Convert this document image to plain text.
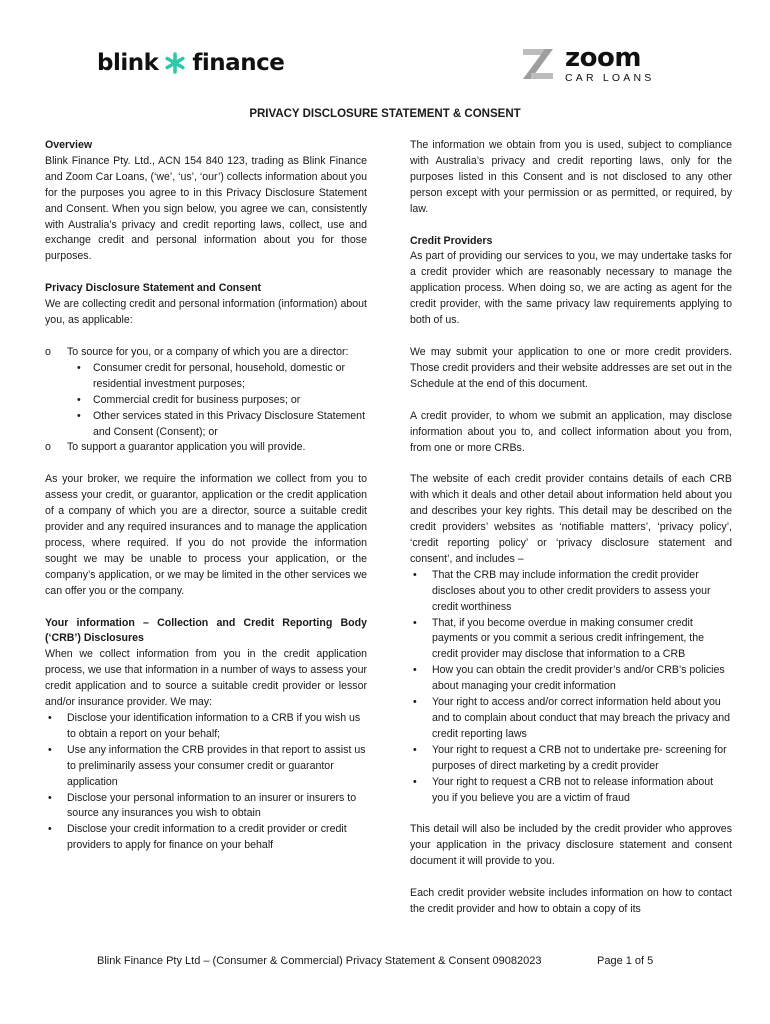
blink finance	zoom
CAR LOANS
PRIVACY DISCLOSURE STATEMENT & CONSENT

Overview

Blink Finance Pty. Ltd., ACN 154 840 123, trading as Blink Finance and Zoom Car Loans, (‘we’, ‘us’, ‘our’) collects information about you for the purposes you agree to in this Privacy Disclosure Statement and Consent. When you sign below, you agree we can, consistently with Australia’s privacy and credit reporting laws, collect, use and exchange credit and personal information about you for those purposes.

Privacy Disclosure Statement and Consent

We are collecting credit and personal information (information) about you, as applicable:

o To source for you, or a company of which you are a director:
• Consumer credit for personal, household, domestic or residential investment purposes;
• Commercial credit for business purposes; or
• Other services stated in this Privacy Disclosure Statement and Consent (Consent); or
o To support a guarantor application you will provide.

As your broker, we require the information we collect from you to assess your credit, or guarantor, application or the credit application of a company of which you are a director, source a suitable credit provider and any required insurances and to manage the application process, where required. If you do not provide the information sought we may be unable to process your application, or the company’s application, or we may be limited in the other services we can offer you or the company.

Your information – Collection and Credit Reporting Body (‘CRB’) Disclosures

When we collect information from you in the credit application process, we use that information in a number of ways to assess your credit application and to source a suitable credit provider or lessor and/or insurance provider. We may:

• Disclose your identification information to a CRB if you wish us to obtain a report on your behalf;
• Use any information the CRB provides in that report to assist us to preliminarily assess your consumer credit or guarantor application
• Disclose your personal information to an insurer or insurers to source any insurances you wish to obtain
• Disclose your credit information to a credit provider or credit providers to apply for finance on your behalf

The information we obtain from you is used, subject to compliance with Australia’s privacy and credit reporting laws, only for the purposes listed in this Consent and is not disclosed to any other person except with your permission or as permitted, or required, by law.

Credit Providers

As part of providing our services to you, we may undertake tasks for a credit provider which are reasonably necessary to manage the application process. When doing so, we are acting as agent for the credit provider, with the same privacy law requirements applying to both of us.

We may submit your application to one or more credit providers. Those credit providers and their website addresses are set out in the Schedule at the end of this document.

A credit provider, to whom we submit an application, may disclose information about you to, and collect information about you from, from one or more CRBs.

The website of each credit provider contains details of each CRB with which it deals and other detail about information held about you and describes your key rights. This detail may be described on the credit providers’ websites as ‘notifiable matters’, ‘privacy policy’, ‘credit reporting policy’ or ‘privacy disclosure statement and consent’, and includes –

• That the CRB may include information the credit provider discloses about you to other credit providers to assess your credit worthiness
• That, if you become overdue in making consumer credit payments or you commit a serious credit infringement, the credit provider may disclose that information to a CRB
• How you can obtain the credit provider’s and/or CRB’s policies about managing your credit information
• Your right to access and/or correct information held about you and to complain about conduct that may breach the privacy and credit reporting laws
• Your right to request a CRB not to undertake pre- screening for purposes of direct marketing by a credit provider
• Your right to request a CRB not to release information about you if you believe you are a victim of fraud

This detail will also be included by the credit provider who approves your application in the privacy disclosure statement and consent document it will provide to you.

Each credit provider website includes information on how to contact the credit provider and how to obtain a copy of its

Blink Finance Pty Ltd – (Consumer & Commercial) Privacy Statement & Consent 09082023	Page 1 of 5
